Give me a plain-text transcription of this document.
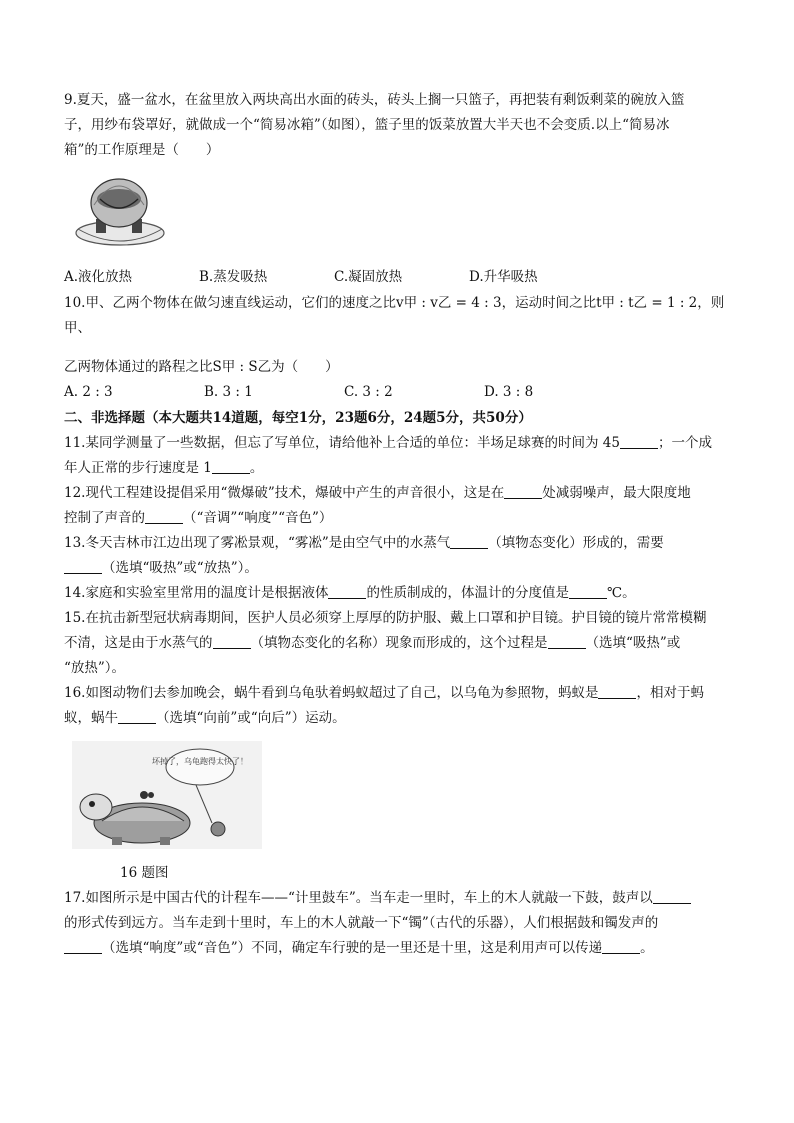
9.夏天，盛一盆水，在盆里放入两块高出水面的砖头，砖头上搁一只篮子，再把装有剩饭剩菜的碗放入篮

子，用纱布袋罩好，就做成一个“简易冰箱”（如图），篮子里的饭菜放置大半天也不会变质.以上“简易冰

箱”的工作原理是（　　）

A.液化放热	B.蒸发吸热	C.凝固放热	D.升华吸热

10.甲、乙两个物体在做匀速直线运动，它们的速度之比v甲 : v乙 = 4 : 3，运动时间之比t甲 : t乙 = 1 : 2，则甲、

乙两物体通过的路程之比S甲 : S乙为（　　）

A. 2 : 3	B. 3 : 1	C. 3 : 2	D. 3 : 8

二、非选择题（本大题共14道题，每空1分，23题6分，24题5分，共50分）

11.某同学测量了一些数据，但忘了写单位，请给他补上合适的单位：半场足球赛的时间为 45	；一个成

年人正常的步行速度是 1	。

12.现代工程建设提倡采用“微爆破”技术，爆破中产生的声音很小，这是在	处减弱噪声，最大限度地

控制了声音的	（“音调”“响度”“音色”）

13.冬天吉林市江边出现了雾凇景观，“雾凇”是由空气中的水蒸气	（填物态变化）形成的，需要

（选填“吸热”或“放热”）。

14.家庭和实验室里常用的温度计是根据液体	的性质制成的，体温计的分度值是	℃。

15.在抗击新型冠状病毒期间，医护人员必须穿上厚厚的防护服、戴上口罩和护目镜。护目镜的镜片常常模糊

不清，这是由于水蒸气的	（填物态变化的名称）现象而形成的，这个过程是	（选填“吸热”或

“放热”）。

16.如图动物们去参加晚会，蜗牛看到乌龟驮着蚂蚁超过了自己，以乌龟为参照物，蚂蚁是	，相对于蚂

蚁，蜗牛	（选填“向前”或“向后”）运动。

坏掉了，乌龟跑得太快了！

16 题图

17.如图所示是中国古代的计程车——“计里鼓车”。当车走一里时，车上的木人就敲一下鼓，鼓声以

的形式传到远方。当车走到十里时，车上的木人就敲一下“镯”（古代的乐器），人们根据鼓和镯发声的

（选填“响度”或“音色”）不同，确定车行驶的是一里还是十里，这是利用声可以传递	。
